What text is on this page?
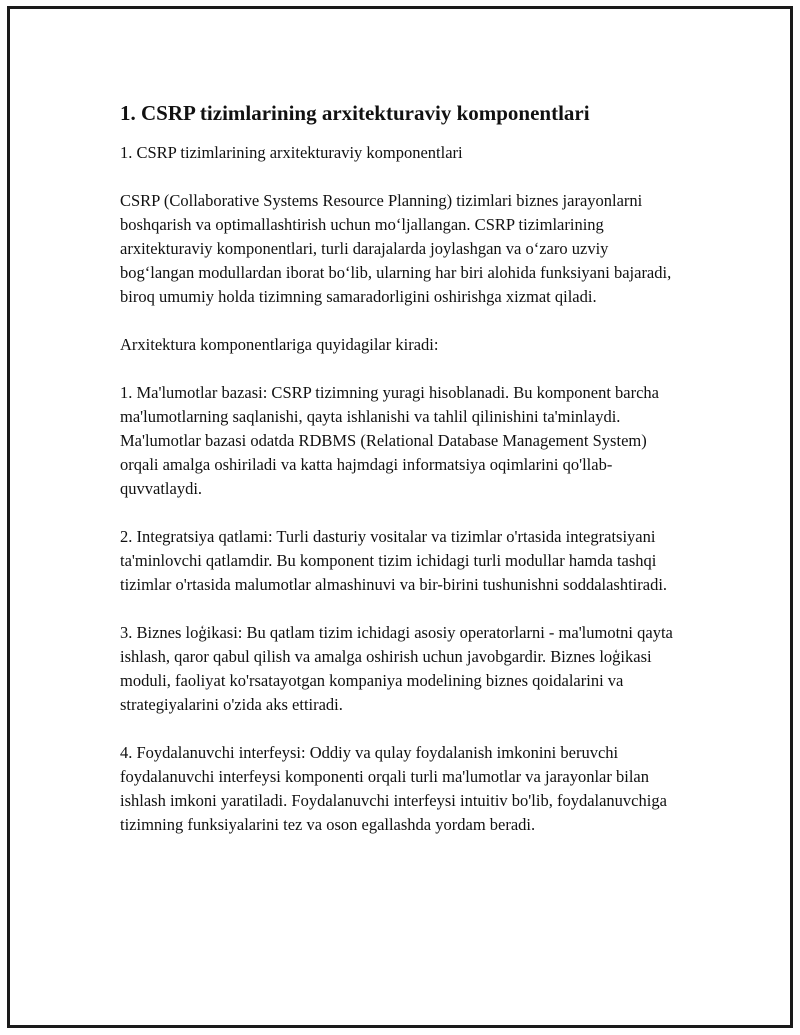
1. CSRP tizimlarining arxitekturaviy komponentlari

1. CSRP tizimlarining arxitekturaviy komponentlari

CSRP (Collaborative Systems Resource Planning) tizimlari biznes jarayonlarni boshqarish va optimallashtirish uchun mo‘ljallangan. CSRP tizimlarining arxitekturaviy komponentlari, turli darajalarda joylashgan va o‘zaro uzviy bog‘langan modullardan iborat bo‘lib, ularning har biri alohida funksiyani bajaradi, biroq umumiy holda tizimning samaradorligini oshirishga xizmat qiladi.

Arxitektura komponentlariga quyidagilar kiradi:

1. Ma'lumotlar bazasi: CSRP tizimning yuragi hisoblanadi. Bu komponent barcha ma'lumotlarning saqlanishi, qayta ishlanishi va tahlil qilinishini ta'minlaydi. Ma'lumotlar bazasi odatda RDBMS (Relational Database Management System) orqali amalga oshiriladi va katta hajmdagi informatsiya oqimlarini qo'llab-quvvatlaydi.

2. Integratsiya qatlami: Turli dasturiy vositalar va tizimlar o'rtasida integratsiyani ta'minlovchi qatlamdir. Bu komponent tizim ichidagi turli modullar hamda tashqi tizimlar o'rtasida malumotlar almashinuvi va bir-birini tushunishni soddalashtiradi.

3. Biznes loģikasi: Bu qatlam tizim ichidagi asosiy operatorlarni - ma'lumotni qayta ishlash, qaror qabul qilish va amalga oshirish uchun javobgardir. Biznes loģikasi moduli, faoliyat ko'rsatayotgan kompaniya modelining biznes qoidalarini va strategiyalarini o'zida aks ettiradi.

4. Foydalanuvchi interfeysi: Oddiy va qulay foydalanish imkonini beruvchi foydalanuvchi interfeysi komponenti orqali turli ma'lumotlar va jarayonlar bilan ishlash imkoni yaratiladi. Foydalanuvchi interfeysi intuitiv bo'lib, foydalanuvchiga tizimning funksiyalarini tez va oson egallashda yordam beradi.
